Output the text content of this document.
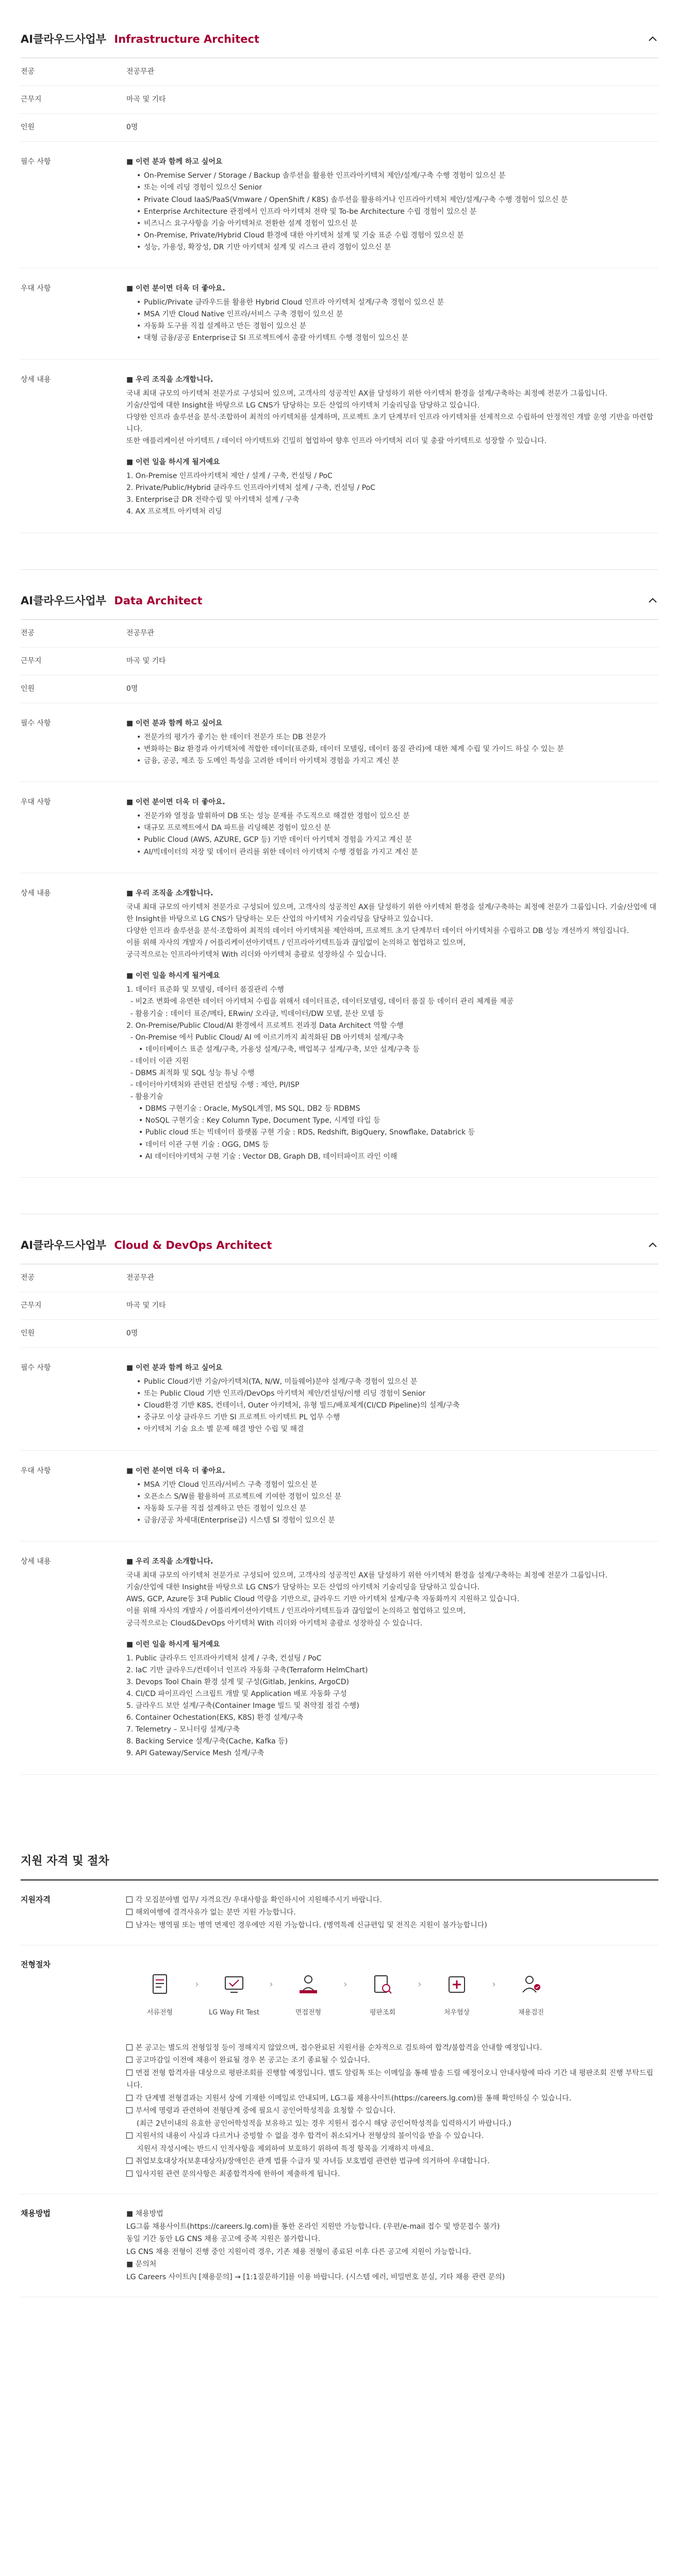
AI클라우드사업부 Infrastructure Architect
전공	전공무관
근무지	마곡 및 기타
인원	0명
필수 사항	■ 이런 분과 함께 하고 싶어요
• On-Premise Server / Storage / Backup 솔루션을 활용한 인프라아키텍처 제안/설계/구축 수행 경험이 있으신 분
• 또는 이에 리딩 경험이 있으신 Senior
• Private Cloud IaaS/PaaS(Vmware / OpenShift / K8S) 솔루션을 활용하거나 인프라아키텍처 제안/설계/구축 수행 경험이 있으신 분
• Enterprise Architecture 관점에서 인프라 아키텍처 전략 및 To-be Architecture 수립 경험이 있으신 분
• 비즈니스 요구사항을 기술 아키텍처로 전환한 설계 경험이 있으신 분
• On-Premise, Private/Hybrid Cloud 환경에 대한 아키텍처 설계 및 기술 표준 수립 경험이 있으신 분
• 성능, 가용성, 확장성, DR 기반 아키텍처 설계 및 리스크 관리 경험이 있으신 분
우대 사항	■ 이런 분이면 더욱 더 좋아요.
• Public/Private 클라우드를 활용한 Hybrid Cloud 인프라 아키텍처 설계/구축 경험이 있으신 분
• MSA 기반 Cloud Native 인프라/서비스 구축 경험이 있으신 분
• 자동화 도구를 직접 설계하고 만든 경험이 있으신 분
• 대형 금융/공공 Enterprise급 SI 프로젝트에서 총괄 아키텍트 수행 경험이 있으신 분
상세 내용	■ 우리 조직을 소개합니다.

국내 최대 규모의 아키텍처 전문가로 구성되어 있으며, 고객사의 성공적인 AX를 달성하기 위한 아키텍처 환경을 설계/구축하는 최정예 전문가 그룹입니다.

기술/산업에 대한 Insight를 바탕으로 LG CNS가 담당하는 모든 산업의 아키텍처 기술리딩을 담당하고 있습니다.

다양한 인프라 솔루션을 분석·조합하여 최적의 아키텍처를 설계하며, 프로젝트 초기 단계부터 인프라 아키텍처를 선제적으로 수립하여 안정적인 개발 운영 기반을 마련합니다.

또한 애플리케이션 아키텍트 / 데이터 아키텍트와 긴밀히 협업하여 향후 인프라 아키텍처 리더 및 총괄 아키텍트로 성장할 수 있습니다.

■ 이런 일을 하시게 될거예요

1. On-Premise 인프라아키텍처 제안 / 설계 / 구축, 컨설팅 / PoC

2. Private/Public/Hybrid 클라우드 인프라아키텍처 설계 / 구축, 컨설팅 / PoC

3. Enterprise급 DR 전략수립 및 아키텍처 설계 / 구축

4. AX 프로젝트 아키텍처 리딩

AI클라우드사업부 Data Architect
전공	전공무관
근무지	마곡 및 기타
인원	0명
필수 사항	■ 이런 분과 함께 하고 싶어요
• 전문가의 평가가 좋기는 한 데이터 전문가 또는 DB 전문가
• 변화하는 Biz 환경과 아키텍처에 적합한 데이터(표준화, 데이터 모델링, 데이터 품질 관리)에 대한 체계 수립 및 가이드 하실 수 있는 분
• 금융, 공공, 제조 등 도메인 특성을 고려한 데이터 아키텍처 경험을 가지고 계신 분
우대 사항	■ 이런 분이면 더욱 더 좋아요.
• 전문가와 열정을 발휘하여 DB 또는 성능 문제를 주도적으로 해결한 경험이 있으신 분
• 대규모 프로젝트에서 DA 파트를 리딩해본 경험이 있으신 분
• Public Cloud (AWS, AZURE, GCP 등) 기반 데이터 아키텍처 경험을 가지고 계신 분
• AI/빅데이터의 저장 및 데이터 관리를 위한 데이터 아키텍처 수행 경험을 가지고 계신 분
상세 내용	■ 우리 조직을 소개합니다.

국내 최대 규모의 아키텍처 전문가로 구성되어 있으며, 고객사의 성공적인 AX를 달성하기 위한 아키텍처 환경을 설계/구축하는 최정예 전문가 그룹입니다. 기술/산업에 대한 Insight를 바탕으로 LG CNS가 담당하는 모든 산업의 아키텍처 기술리딩을 담당하고 있습니다.

다양한 인프라 솔루션을 분석·조합하여 최적의 데이터 아키텍처를 제안하며, 프로젝트 초기 단계부터 데이터 아키텍처를 수립하고 DB 성능 개선까지 책임집니다.

이를 위해 자사의 개발자 / 어플리케이션아키텍트 / 인프라아키텍트들과 끊임없이 논의하고 협업하고 있으며,

궁극적으로는 인프라아키텍처 With 리더와 아키텍처 총괄로 성장하실 수 있습니다.

■ 이런 일을 하시게 될거예요

1. 데이터 표준화 및 모델링, 데이터 품질관리 수행

- 비2조 변화에 유연한 데이터 아키텍처 수립을 위해서 데이터표준, 데이터모델링, 데이터 품질 등 데이터 관리 체계를 제공

- 활용기술 : 데이터 표준/메타, ERwin/ 오라클, 빅데이터/DW 모델, 분산 모델 등

2. On-Premise/Public Cloud/AI 환경에서 프로젝트 전과정 Data Architect 역할 수행

- On-Premise 에서 Public Cloud/ AI 에 이르기까지 최적화된 DB 아키텍처 설계/구축

• 데이터베이스 표준 설계/구축, 가용성 설계/구축, 백업복구 설계/구축, 보안 설계/구축 등

- 데이터 이관 지원

- DBMS 최적화 및 SQL 성능 튜닝 수행

- 데이터아키텍처와 관련된 컨설팅 수행 : 제안, PI/ISP

- 활용기술

• DBMS 구현기술 : Oracle, MySQL계열, MS SQL, DB2 등 RDBMS

• NoSQL 구현기술 : Key Column Type, Document Type, 시계열 타입 등

• Public cloud 또는 빅데이터 플랫폼 구현 기술 : RDS, Redshift, BigQuery, Snowflake, Databrick 등

• 데이터 이관 구현 기술 : OGG, DMS 등

• AI 데이터아키텍처 구현 기술 : Vector DB, Graph DB, 데이터파이프 라인 이해

AI클라우드사업부 Cloud & DevOps Architect
전공	전공무관
근무지	마곡 및 기타
인원	0명
필수 사항	■ 이런 분과 함께 하고 싶어요
• Public Cloud기반 기술/아키텍처(TA, N/W, 미들웨어)분야 설계/구축 경험이 있으신 분
• 또는 Public Cloud 기반 인프라/DevOps 아키텍처 제안/컨설팅/이행 리딩 경험이 Senior
• Cloud환경 기반 K8S, 컨테이너, Outer 아키텍처, 유형 빌드/배포체계(CI/CD Pipeline)의 설계/구축
• 중규모 이상 클라우드 기반 SI 프로젝트 아키텍트 PL 업무 수행
• 아키텍처 기술 요소 별 문제 해결 방안 수립 및 해결
우대 사항	■ 이런 분이면 더욱 더 좋아요.
• MSA 기반 Cloud 인프라/서비스 구축 경험이 있으신 분
• 오픈소스 S/W를 활용하여 프로젝트에 기여한 경험이 있으신 분
• 자동화 도구를 직접 설계하고 만든 경험이 있으신 분
• 금융/공공 차세대(Enterprise급) 시스템 SI 경험이 있으신 분
상세 내용	■ 우리 조직을 소개합니다.

국내 최대 규모의 아키텍처 전문가로 구성되어 있으며, 고객사의 성공적인 AX를 달성하기 위한 아키텍처 환경을 설계/구축하는 최정예 전문가 그룹입니다.

기술/산업에 대한 Insight를 바탕으로 LG CNS가 담당하는 모든 산업의 아키텍처 기술리딩을 담당하고 있습니다.

AWS, GCP, Azure등 3대 Public Cloud 역량을 기반으로, 클라우드 기반 아키텍처 설계/구축 자동화까지 지원하고 있습니다.

이를 위해 자사의 개발자 / 어플리케이션아키텍트 / 인프라아키텍트들과 끊임없이 논의하고 협업하고 있으며,

궁극적으로는 Cloud&DevOps 아키텍처 With 리더와 아키텍처 총괄로 성장하실 수 있습니다.

■ 이런 일을 하시게 될거예요

1. Public 클라우드 인프라아키텍처 설계 / 구축, 컨설팅 / PoC

2. IaC 기반 클라우드/컨테이너 인프라 자동화 구축(Terraform HelmChart)

3. Devops Tool Chain 환경 설계 및 구성(Gitlab, Jenkins, ArgoCD)

4. CI/CD 파이프라인 스크립트 개발 및 Application 배포 자동화 구성

5. 클라우드 보안 설계/구축(Container Image 빌드 및 취약점 점검 수행)

6. Container Ochestation(EKS, K8S) 환경 설계/구축

7. Telemetry – 모니터링 설계/구축

8. Backing Service 설계/구축(Cache, Kafka 등)

9. API Gateway/Service Mesh 설계/구축

지원 자격 및 절차
지원자격	각 모집분야별 업무/ 자격요건/ 우대사항을 확인하시어 지원해주시기 바랍니다.

해외여행에 결격사유가 없는 분만 지원 가능합니다.

남자는 병역필 또는 병역 면제인 경우에만 지원 가능합니다. (병역특례 신규편입 및 전직은 지원이 불가능합니다)

전형절차
서류전형
›
LG Way Fit Test
›
면접전형
›
평판조회
›
처우협상
›
채용검진

본 공고는 별도의 전형일정 등이 정해지지 않았으며, 접수완료된 지원서를 순차적으로 검토하여 합격/불합격을 안내할 예정입니다.

공고마감일 이전에 채용이 완료될 경우 본 공고는 조기 종료될 수 있습니다.

면접 전형 합격자를 대상으로 평판조회를 진행할 예정입니다. 별도 알림톡 또는 이메일을 통해 발송 드릴 예정이오니 안내사항에 따라 기간 내 평판조회 진행 부탁드립니다.

각 단계별 전형결과는 지원서 상에 기재한 이메일로 안내되며, LG그룹 채용사이트(https://careers.lg.com)를 통해 확인하실 수 있습니다.

부서에 명령과 관련하여 전형단계 중에 필요시 공인어학성적을 요청할 수 있습니다.

(최근 2년이내의 유효한 공인어학성적을 보유하고 있는 경우 지원서 접수시 해당 공인어학성적을 입력하시기 바랍니다.)

지원서의 내용이 사실과 다르거나 증빙할 수 없을 경우 합격이 취소되거나 전형상의 불이익을 받을 수 있습니다.

지원서 작성시에는 반드시 인적사항을 제외하여 보호하기 위하여 특정 항목을 기재하지 마세요.

취업보호대상자(보훈대상자)/장애인은 관계 법률 수급자 및 자녀들 보호법령 관련한 법규에 의거하여 우대합니다.

입사지원 관련 문의사항은 최종합격자에 한하여 제출하게 됩니다.

채용방법	■ 채용방법

LG그룹 채용사이트(https://careers.lg.com)를 통한 온라인 지원만 가능합니다. (우편/e-mail 접수 및 방문접수 불가)

동일 기간 동안 LG CNS 채용 공고에 중복 지원은 불가합니다.

LG CNS 채용 전형이 진행 중인 지원이력 경우, 기존 채용 전형이 종료된 이후 다른 공고에 지원이 가능합니다.

■ 문의처

LG Careers 사이트內 [채용문의] → [1:1질문하기]를 이용 바랍니다. (시스템 에러, 비밀번호 분실, 기타 채용 관련 문의)
